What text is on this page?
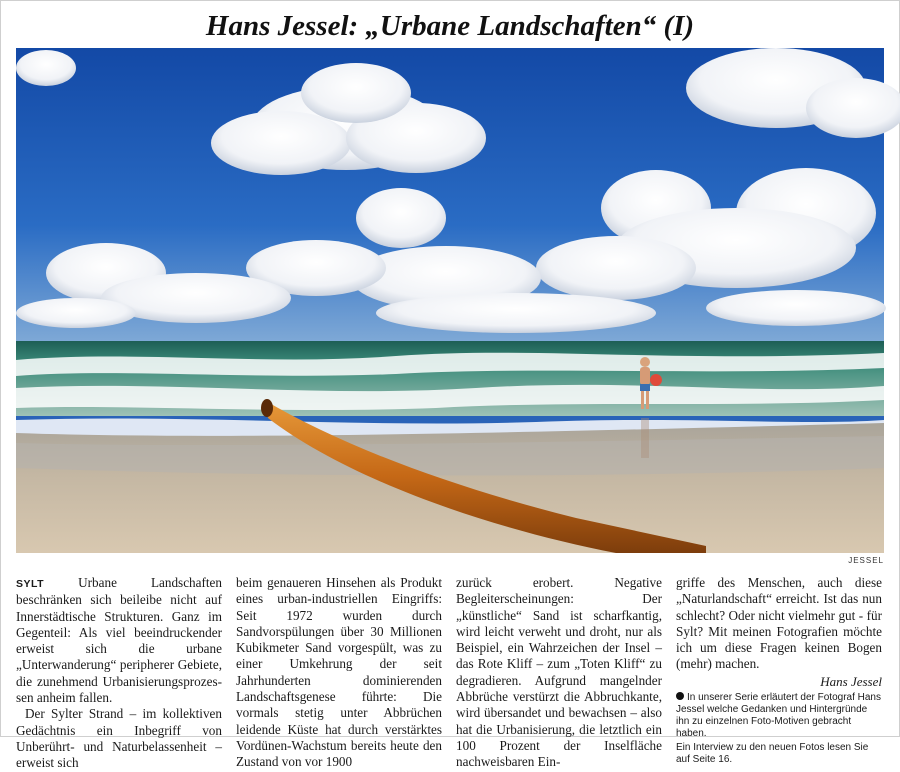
Hans Jessel: „Urbane Landschaften“ (I)
JESSEL

SYLT Urbane Landschaften beschränken sich beileibe nicht auf Innerstädtische Strukturen. Ganz im Gegenteil: Als viel beeindruckender erweist sich die urbane „Unterwanderung“ peripherer Gebiete, die zunehmend Urbanisierungsprozes-sen anheim fallen.

Der Sylter Strand – im kollektiven Gedächtnis ein Inbegriff von Unberührt- und Naturbelassenheit – erweist sich

beim genaueren Hinsehen als Produkt eines urban-industriellen Eingriffs: Seit 1972 wurden durch Sandvorspülungen über 30 Millionen Kubikmeter Sand vorgespült, was zu einer Umkehrung der seit Jahrhunderten dominierenden Landschaftsgenese führte: Die vormals stetig unter Abbrüchen leidende Küste hat durch verstärktes Vordünen-Wachstum bereits heute den Zustand von vor 1900

zurück erobert. Negative Begleiterscheinungen: Der „künstliche“ Sand ist scharfkantig, wird leicht verweht und droht, nur als Beispiel, ein Wahrzeichen der Insel – das Rote Kliff – zum „Toten Kliff“ zu degradieren. Aufgrund mangelnder Abbrüche verstürzt die Abbruchkante, wird übersandet und bewachsen – also hat die Urbanisierung, die letztlich ein 100 Prozent der Inselfläche nachweisbaren Ein-

griffe des Menschen, auch diese „Naturlandschaft“ erreicht. Ist das nun schlecht? Oder nicht vielmehr gut - für Sylt? Mit meinen Fotografien möchte ich um diese Fragen keinen Bogen (mehr) machen.

Hans Jessel
In unserer Serie erläutert der Fotograf Hans Jessel welche Gedanken und Hintergründe ihn zu einzelnen Foto-Motiven gebracht haben.
Ein Interview zu den neuen Fotos lesen Sie auf Seite 16.
